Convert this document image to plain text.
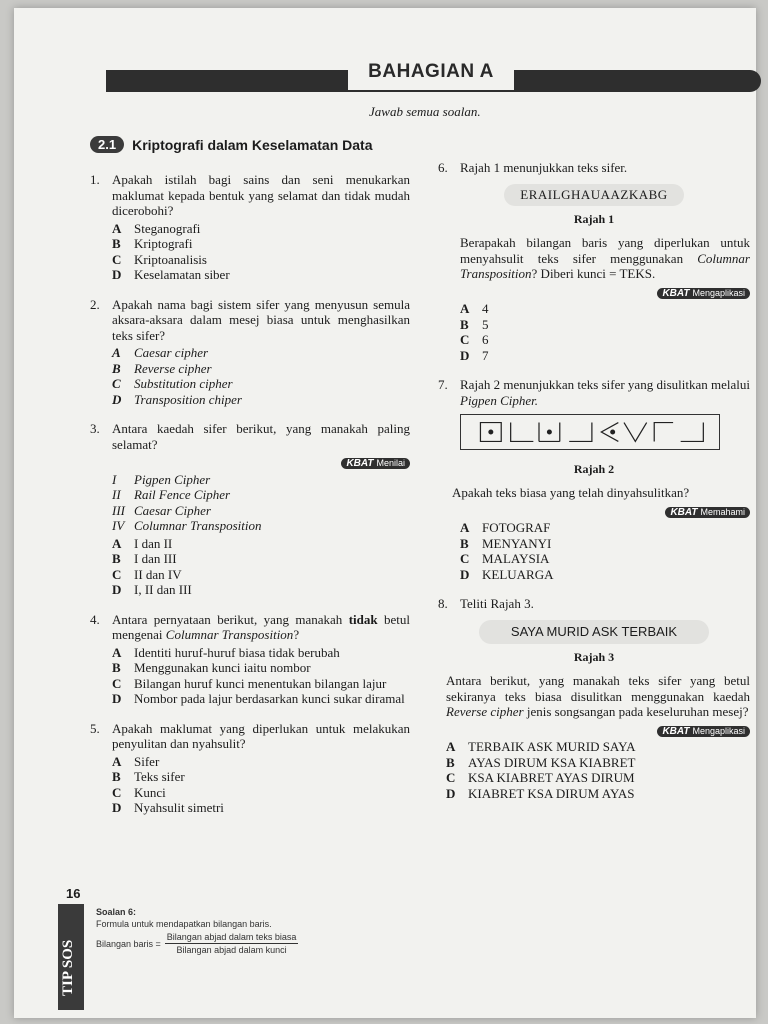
BAHAGIAN A
Jawab semua soalan.
2.1	Kriptografi dalam Keselamatan Data
1. Apakah istilah bagi sains dan seni menukarkan maklumat kepada bentuk yang selamat dan tidak mudah dicerobohi?
A Steganografi
B	Kriptografi
C Kriptoanalisis
D Keselamatan siber
2. Apakah nama bagi sistem sifer yang menyusun semula aksara-aksara dalam mesej biasa untuk menghasilkan teks sifer?
A	Caesar cipher
B	Reverse cipher
C	Substitution cipher
D Transposition chiper
3. Antara kaedah sifer berikut, yang manakah paling selamat?
KBAT Menilai
I	Pigpen Cipher
II	Rail Fence Cipher
III Caesar Cipher
IV Columnar Transposition
A I dan II
B	I dan III
C II dan IV
D I, II dan III
4. Antara pernyataan berikut, yang manakah tidak betul mengenai Columnar Transposition?
A Identiti huruf-huruf biasa tidak berubah
B	Menggunakan kunci iaitu nombor
C Bilangan huruf kunci menentukan bilangan lajur
D Nombor pada lajur berdasarkan kunci sukar diramal
5. Apakah maklumat yang diperlukan untuk melakukan penyulitan dan nyahsulit?
A Sifer
B	Teks sifer
C Kunci
D Nyahsulit simetri
6. Rajah 1 menunjukkan teks sifer.
ERAILGHAUAAZKABG
Rajah 1
Berapakah bilangan baris yang diperlukan untuk menyahsulit teks sifer menggunakan Columnar Transposition? Diberi kunci = TEKS.
KBAT Mengaplikasi
A 4
B	5
C 6
D 7
7. Rajah 2 menunjukkan teks sifer yang disulitkan melalui Pigpen Cipher.
Rajah 2
Apakah teks biasa yang telah dinyahsulitkan?
KBAT Memahami
A FOTOGRAF
B	MENYANYI
C MALAYSIA
D KELUARGA
8. Teliti Rajah 3.
SAYA MURID ASK TERBAIK
Rajah 3
Antara berikut, yang manakah teks sifer yang betul sekiranya teks biasa disulitkan menggunakan kaedah Reverse cipher jenis songsangan pada keseluruhan mesej?
KBAT Mengaplikasi
A TERBAIK ASK MURID SAYA
B	AYAS DIRUM KSA KIABRET
C KSA KIABRET AYAS DIRUM
D KIABRET KSA DIRUM AYAS
16
TIP SOS
Soalan 6:
Formula untuk mendapatkan bilangan baris.
Bilangan baris = $\frac{\text{Bilangan abjad dalam teks biasa}}{\text{Bilangan abjad dalam kunci}}$
